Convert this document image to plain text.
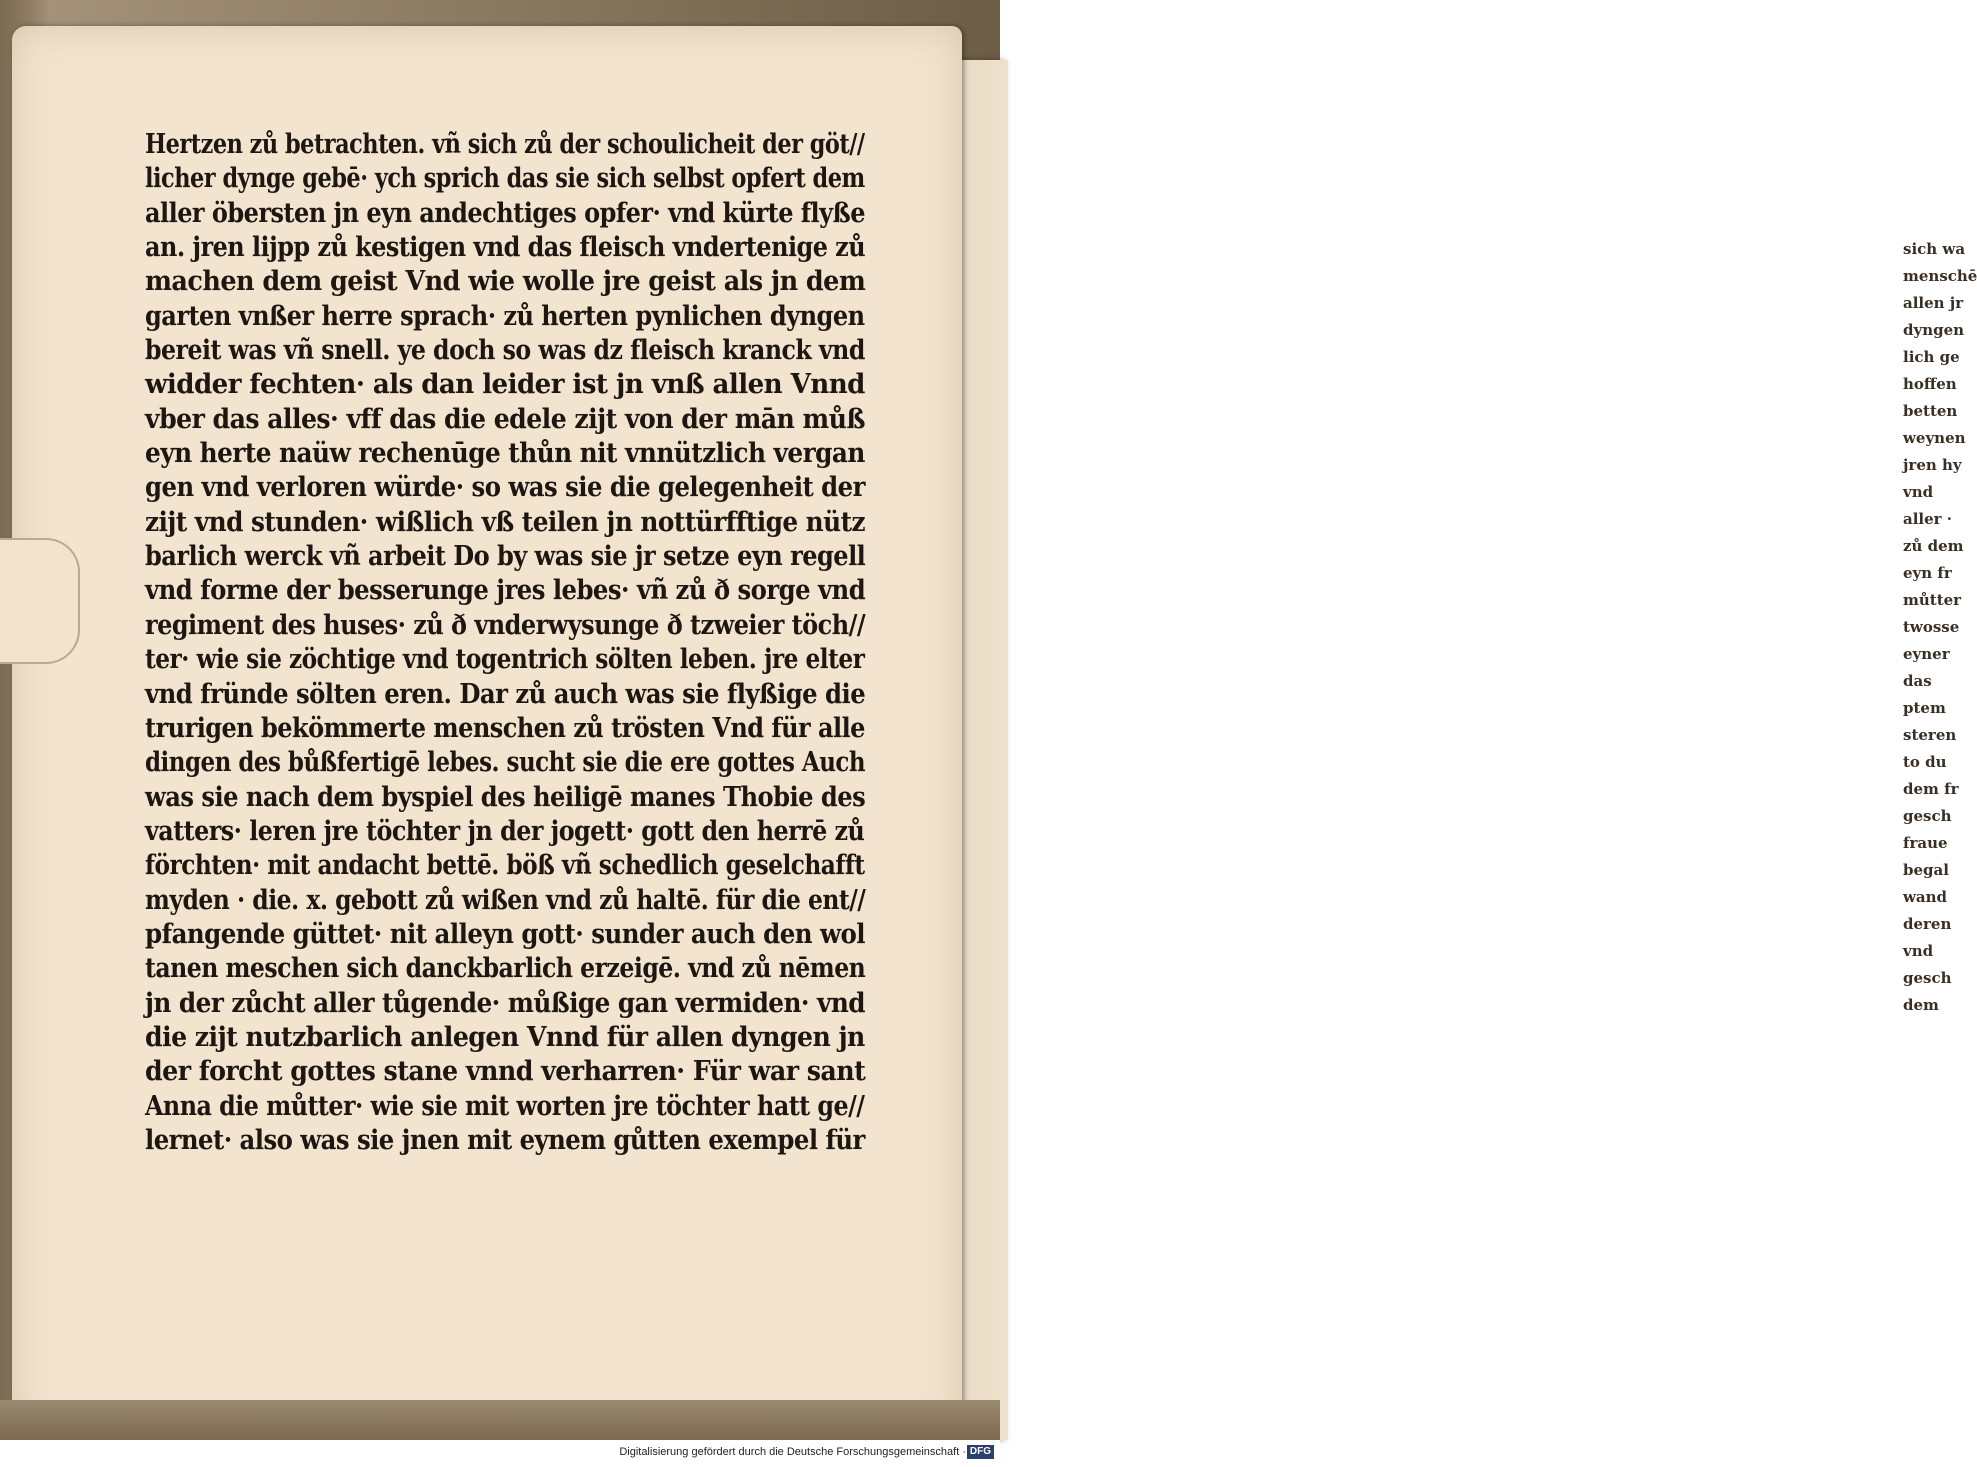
sich wa
menschē
allen jr
dyngen
lich ge
hoffen
betten
weynen
jren hy
vnd
aller ·
zů dem
eyn fr
můtter
twosse
eyner
das
ptem
steren
to du
dem fr
gesch
fraue
begal
wand
deren
vnd
gesch
dem
Hertzen zů betrachten. vñ sich zů der schoulicheit der göt//
licher dynge gebē· ych sprich das sie sich selbst opfert dem
aller öbersten jn eyn andechtiges opfer· vnd kürte flyße
an. jren lijpp zů kestigen vnd das fleisch vndertenige zů
machen dem geist Vnd wie wolle jre geist als jn dem
garten vnßer herre sprach· zů herten pynlichen dyngen
bereit was vñ snell. ye doch so was dz fleisch kranck vnd
widder fechten· als dan leider ist jn vnß allen Vnnd
vber das alles· vff das die edele zijt von der mān můß
eyn herte naüw rechenūge thůn nit vnnützlich vergan
gen vnd verloren würde· so was sie die gelegenheit der
zijt vnd stunden· wißlich vß teilen jn nottürfftige nütz
barlich werck vñ arbeit Do by was sie jr setze eyn regell
vnd forme der besserunge jres lebes· vñ zů ð sorge vnd
regiment des huses· zů ð vnderwysunge ð tzweier töch//
ter· wie sie zöchtige vnd togentrich sölten leben. jre elter
vnd fründe sölten eren. Dar zů auch was sie flyßige die
trurigen bekömmerte menschen zů trösten Vnd für alle
dingen des bůßfertigē lebes. sucht sie die ere gottes Auch
was sie nach dem byspiel des heiligē manes Thobie des
vatters· leren jre töchter jn der jogett· gott den herrē zů
förchten· mit andacht bettē. böß vñ schedlich geselchafft
myden · die. x. gebott zů wißen vnd zů haltē. für die ent//
pfangende güttet· nit alleyn gott· sunder auch den wol
tanen meschen sich danckbarlich erzeigē. vnd zů nēmen
jn der zůcht aller tůgende· můßige gan vermiden· vnd
die zijt nutzbarlich anlegen Vnnd für allen dyngen jn
der forcht gottes stane vnnd verharren· Für war sant
Anna die můtter· wie sie mit worten jre töchter hatt ge//
lernet· also was sie jnen mit eynem gůtten exempel für
Digitalisierung gefördert durch die Deutsche Forschungsgemeinschaft · DFG
